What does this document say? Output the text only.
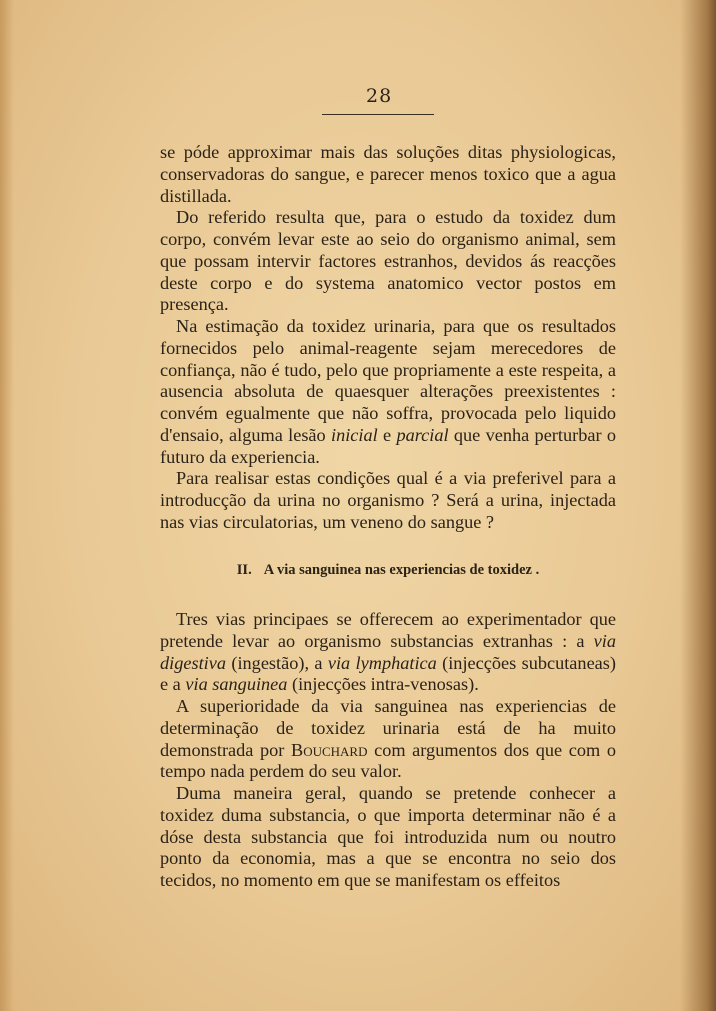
28

se póde approximar mais das soluções ditas physiologicas, conservadoras do sangue, e parecer menos toxico que a agua distillada.

Do referido resulta que, para o estudo da toxidez dum corpo, convém levar este ao seio do organismo animal, sem que possam intervir factores estranhos, devidos ás reacções deste corpo e do systema anatomico vector postos em presença.

Na estimação da toxidez urinaria, para que os resultados fornecidos pelo animal-reagente sejam merecedores de confiança, não é tudo, pelo que propriamente a este respeita, a ausencia absoluta de quaesquer alterações preexistentes : convém egualmente que não soffra, provocada pelo liquido d'ensaio, alguma lesão inicial e parcial que venha perturbar o futuro da experiencia.

Para realisar estas condições qual é a via preferivel para a introducção da urina no organismo ? Será a urina, injectada nas vias circulatorias, um veneno do sangue ?

II. A via sanguinea nas experiencias de toxidez .

Tres vias principaes se offerecem ao experimentador que pretende levar ao organismo substancias extranhas : a via digestiva (ingestão), a via lymphatica (injecções subcutaneas) e a via sanguinea (injecções intra-venosas).

A superioridade da via sanguinea nas experiencias de determinação de toxidez urinaria está de ha muito demonstrada por Bouchard com argumentos dos que com o tempo nada perdem do seu valor.

Duma maneira geral, quando se pretende conhecer a toxidez duma substancia, o que importa determinar não é a dóse desta substancia que foi introduzida num ou noutro ponto da economia, mas a que se encontra no seio dos tecidos, no momento em que se manifestam os effeitos
